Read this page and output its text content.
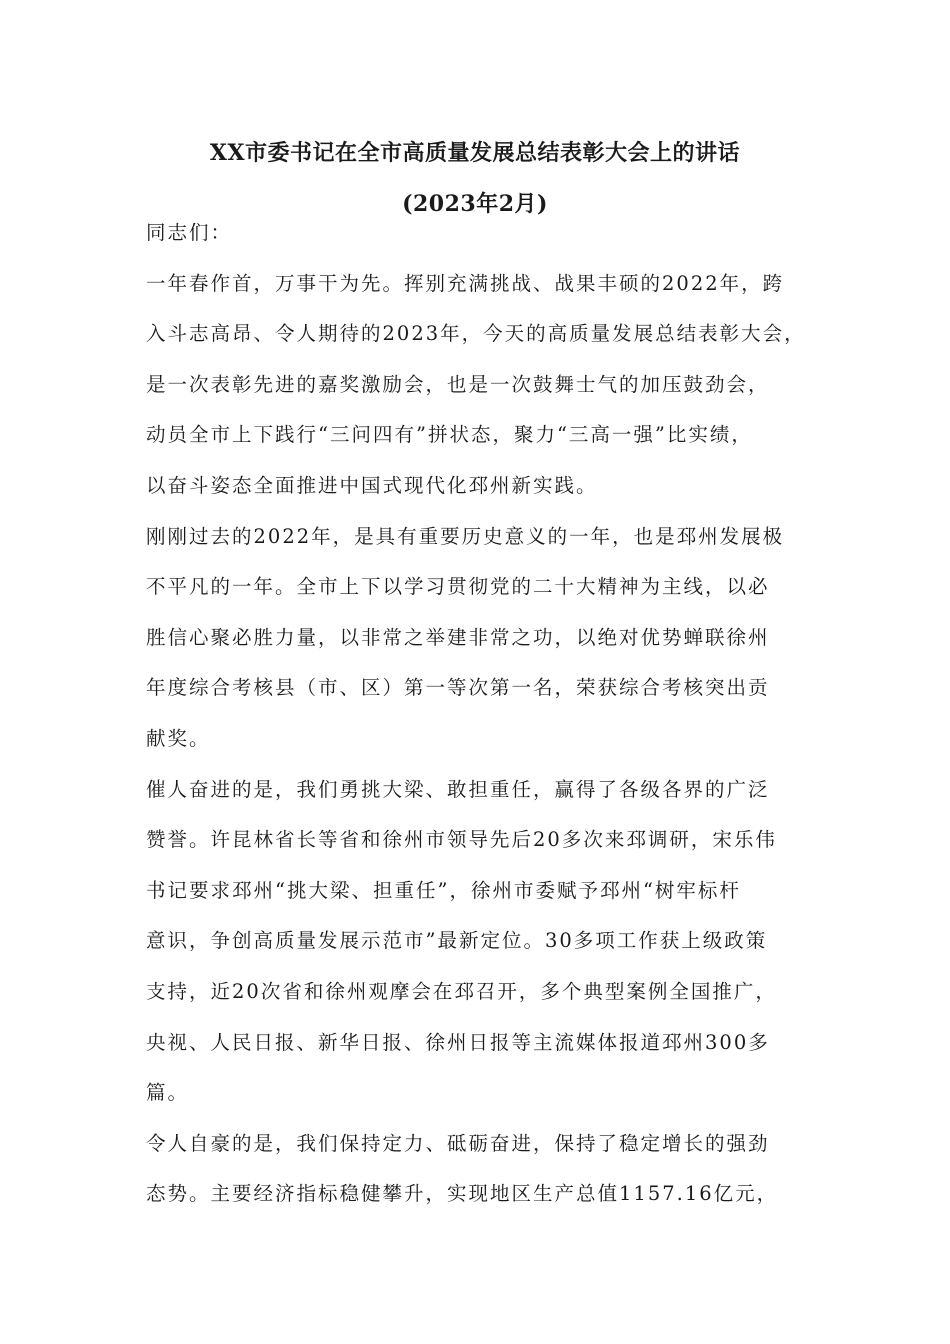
XX市委书记在全市高质量发展总结表彰大会上的讲话
(2023年2月)
同志们：
一年春作首，万事干为先。挥别充满挑战、战果丰硕的2022年，跨
入斗志高昂、令人期待的2023年，今天的高质量发展总结表彰大会，
是一次表彰先进的嘉奖激励会，也是一次鼓舞士气的加压鼓劲会，
动员全市上下践行“三问四有”拼状态，聚力“三高一强”比实绩，
以奋斗姿态全面推进中国式现代化邳州新实践。
刚刚过去的2022年，是具有重要历史意义的一年，也是邳州发展极
不平凡的一年。全市上下以学习贯彻党的二十大精神为主线，以必
胜信心聚必胜力量，以非常之举建非常之功，以绝对优势蝉联徐州
年度综合考核县（市、区）第一等次第一名，荣获综合考核突出贡
献奖。
催人奋进的是，我们勇挑大梁、敢担重任，赢得了各级各界的广泛
赞誉。许昆林省长等省和徐州市领导先后20多次来邳调研，宋乐伟
书记要求邳州“挑大梁、担重任”，徐州市委赋予邳州“树牢标杆
意识，争创高质量发展示范市”最新定位。30多项工作获上级政策
支持，近20次省和徐州观摩会在邳召开，多个典型案例全国推广，
央视、人民日报、新华日报、徐州日报等主流媒体报道邳州300多
篇。
令人自豪的是，我们保持定力、砥砺奋进，保持了稳定增长的强劲
态势。主要经济指标稳健攀升，实现地区生产总值1157.16亿元，
